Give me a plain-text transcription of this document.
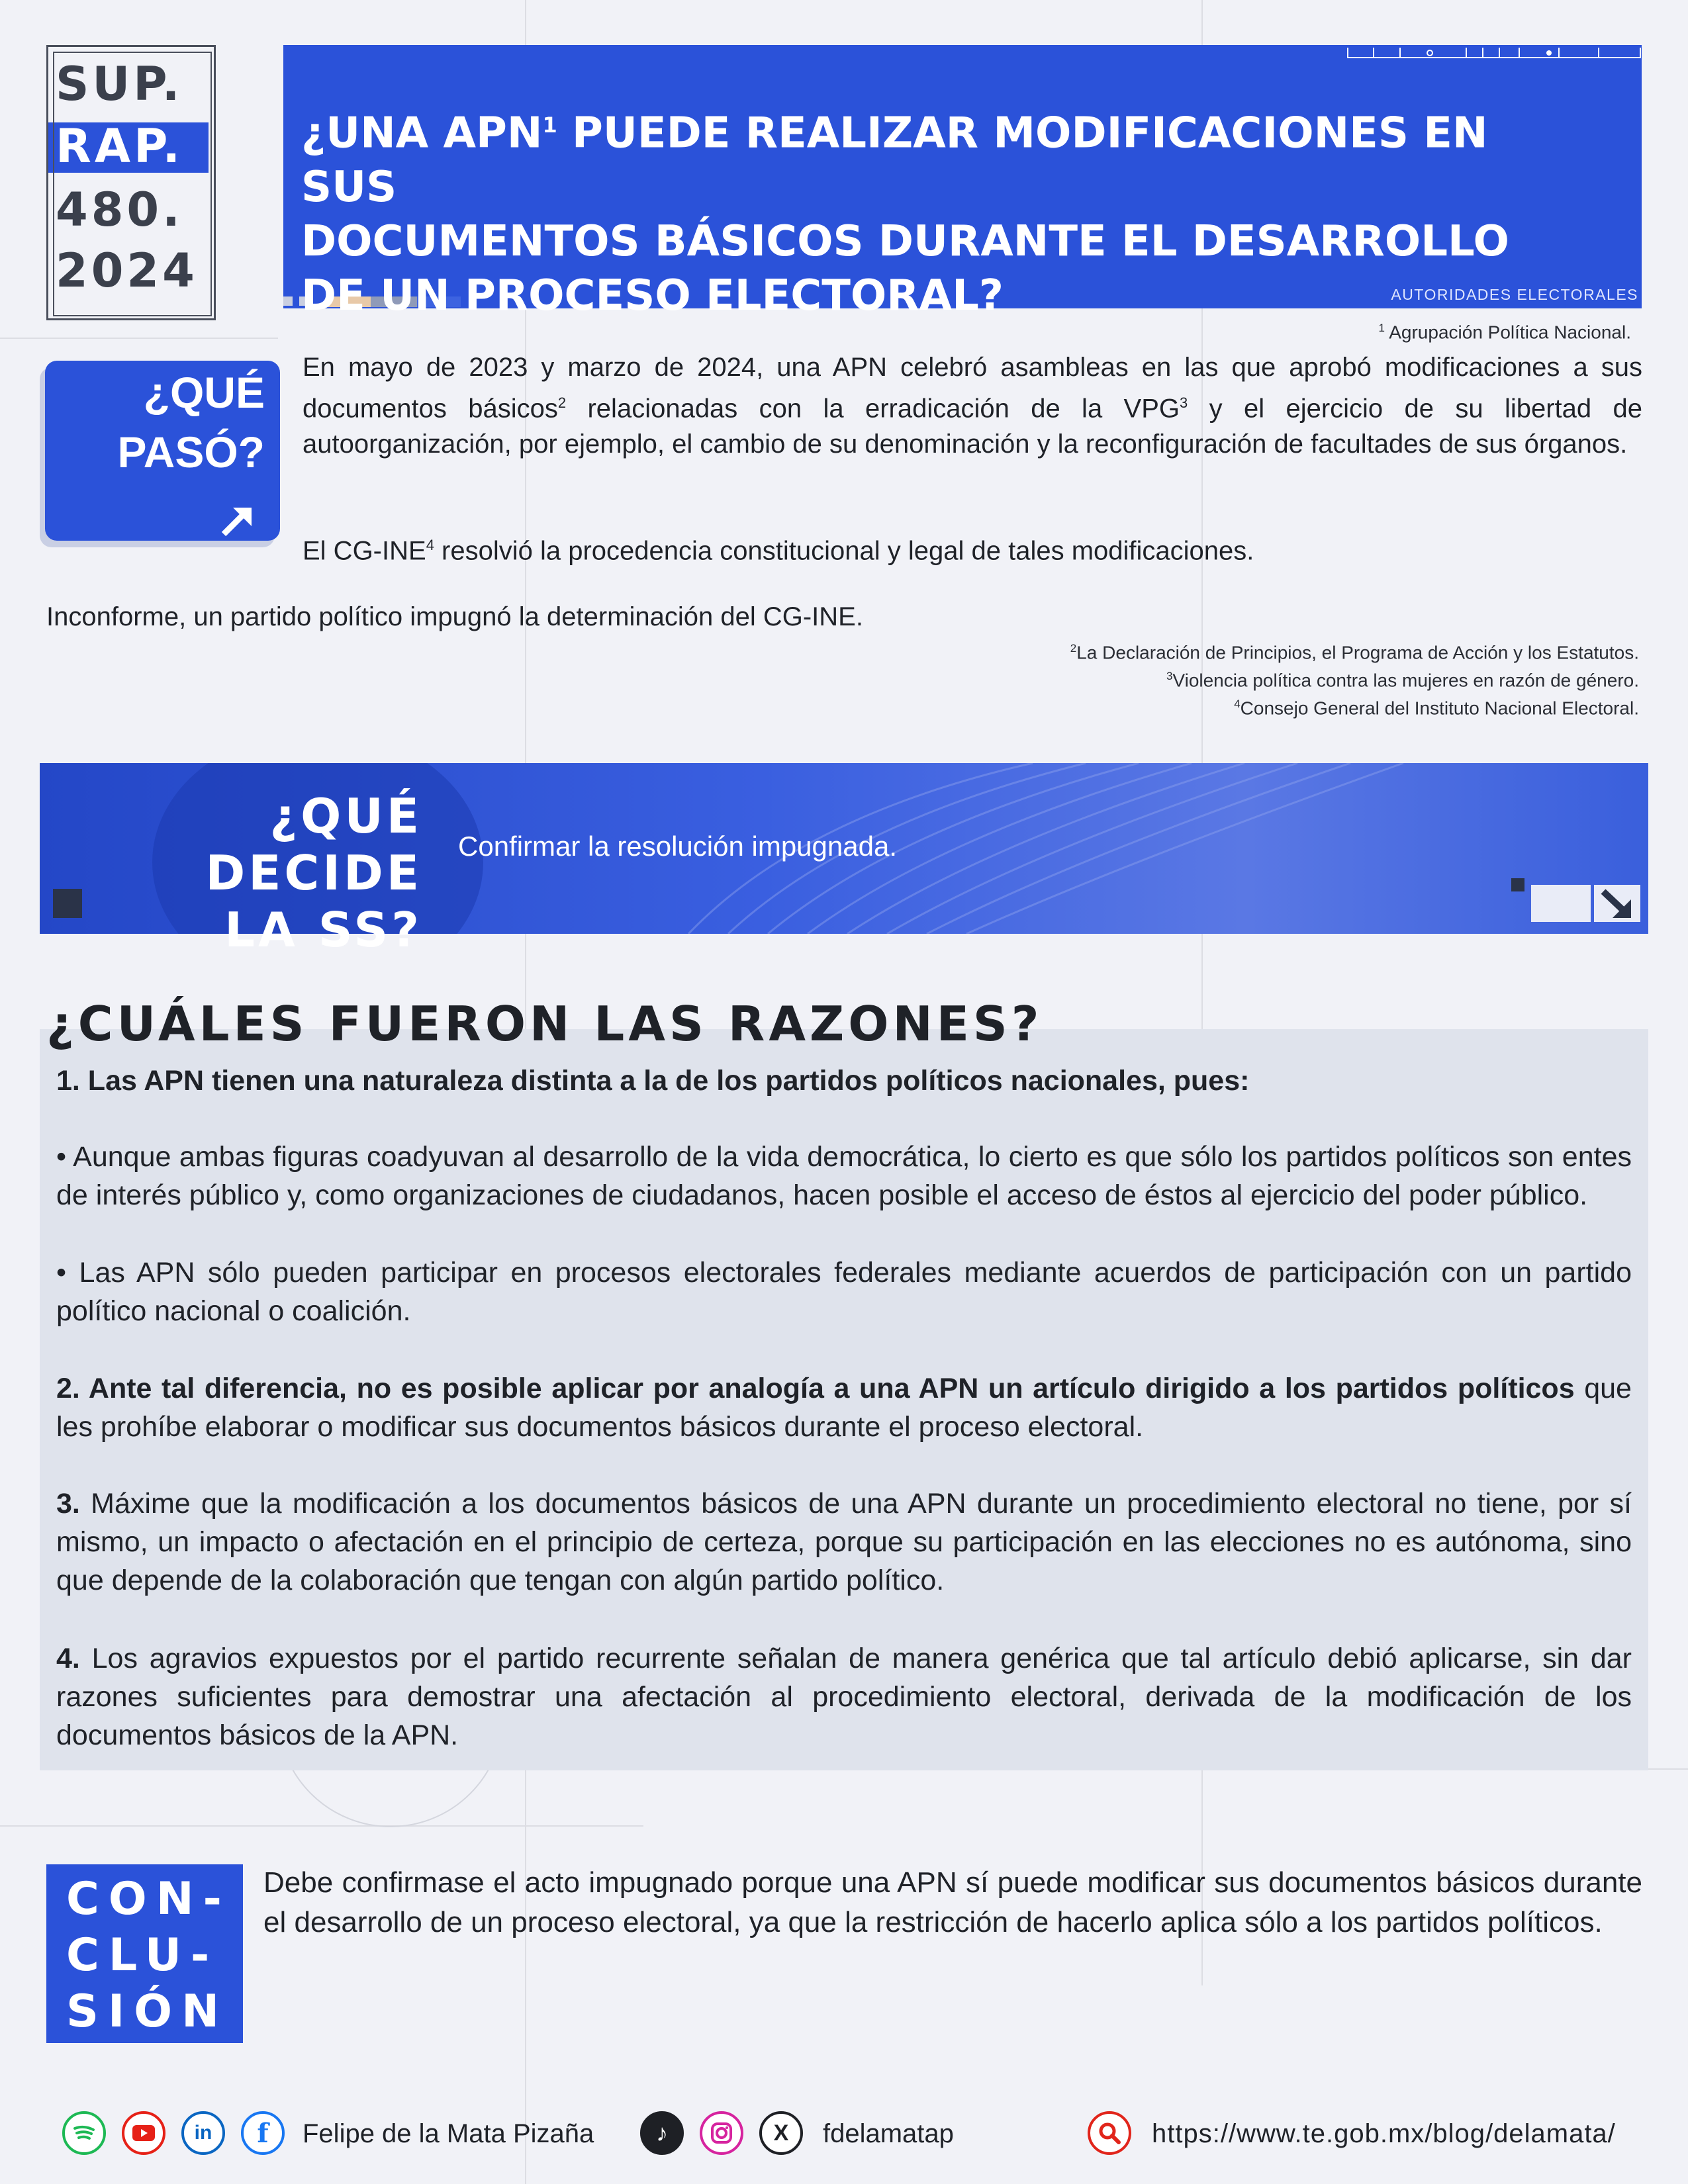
SUP.
RAP.
480.
2024
¿UNA APN$^1$ PUEDE REALIZAR MODIFICACIONES EN SUS
DOCUMENTOS BÁSICOS DURANTE EL DESARROLLO
DE UN PROCESO ELECTORAL?	AUTORIDADES ELECTORALES
$^1$ Agrupación Política Nacional.
¿QUÉ
PASÓ?
En mayo de 2023 y marzo de 2024, una APN celebró asambleas en las que aprobó modificaciones a sus documentos básicos$^2$ relacionadas con la erradicación de la VPG$^3$ y el ejercicio de su libertad de autoorganización, por ejemplo, el cambio de su denominación y la reconfiguración de facultades de sus órganos.
El CG-INE$^4$ resolvió la procedencia constitucional y legal de tales modificaciones.
Inconforme, un partido político impugnó la determinación del CG-INE.
$^2$La Declaración de Principios, el Programa de Acción y los Estatutos.
$^3$Violencia política contra las mujeres en razón de género.
$^4$Consejo General del Instituto Nacional Electoral.
¿QUÉ DECIDE
LA SS?
Confirmar la resolución impugnada.
¿CUÁLES FUERON LAS RAZONES?
1. Las APN tienen una naturaleza distinta a la de los partidos políticos nacionales, pues:
• Aunque ambas figuras coadyuvan al desarrollo de la vida democrática, lo cierto es que sólo los partidos políticos son entes de interés público y, como organizaciones de ciudadanos, hacen posible el acceso de éstos al ejercicio del poder público.
• Las APN sólo pueden participar en procesos electorales federales mediante acuerdos de participación con un partido político nacional o coalición.
2. Ante tal diferencia, no es posible aplicar por analogía a una APN un artículo dirigido a los partidos políticos que les prohíbe elaborar o modificar sus documentos básicos durante el proceso electoral.
3. Máxime que la modificación a los documentos básicos de una APN durante un procedimiento electoral no tiene, por sí mismo, un impacto o afectación en el principio de certeza, porque su participación en las elecciones no es autónoma, sino que depende de la colaboración que tengan con algún partido político.
4. Los agravios expuestos por el partido recurrente señalan de manera genérica que tal artículo debió aplicarse, sin dar razones suficientes para demostrar una afectación al procedimiento electoral, derivada de la modificación de los documentos básicos de la APN.
CON-
CLU-
SIÓN
Debe confirmase el acto impugnado porque una APN sí puede modificar sus documentos básicos durante el desarrollo de un proceso electoral, ya que la restricción de hacerlo aplica sólo a los partidos políticos.
in	f	Felipe de la Mata Pizaña	♪	X	fdelamatap	https://www.te.gob.mx/blog/delamata/
